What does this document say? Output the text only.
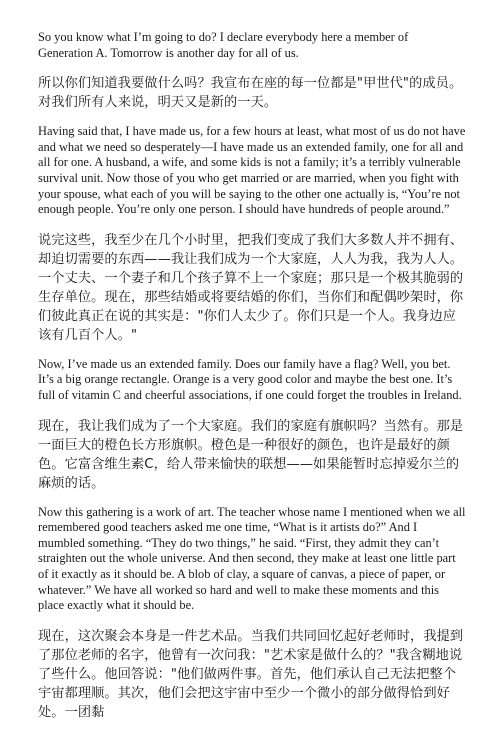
So you know what I’m going to do? I declare everybody here a member of Generation A. Tomorrow is another day for all of us.

所以你们知道我要做什么吗？我宣布在座的每一位都是"甲世代"的成员。对我们所有人来说，明天又是新的一天。

Having said that, I have made us, for a few hours at least, what most of us do not have and what we need so desperately—I have made us an extended family, one for all and all for one. A husband, a wife, and some kids is not a family; it’s a terribly vulnerable survival unit. Now those of you who get married or are married, when you fight with your spouse, what each of you will be saying to the other one actually is, “You’re not enough people. You’re only one person. I should have hundreds of people around.”

说完这些，我至少在几个小时里，把我们变成了我们大多数人并不拥有、却迫切需要的东西——我让我们成为一个大家庭，人人为我，我为人人。一个丈夫、一个妻子和几个孩子算不上一个家庭；那只是一个极其脆弱的生存单位。现在，那些结婚或将要结婚的你们，当你们和配偶吵架时，你们彼此真正在说的其实是："你们人太少了。你们只是一个人。我身边应该有几百个人。"

Now, I’ve made us an extended family. Does our family have a flag? Well, you bet. It’s a big orange rectangle. Orange is a very good color and maybe the best one. It’s full of vitamin C and cheerful associations, if one could forget the troubles in Ireland.

现在，我让我们成为了一个大家庭。我们的家庭有旗帜吗？当然有。那是一面巨大的橙色长方形旗帜。橙色是一种很好的颜色，也许是最好的颜色。它富含维生素C，给人带来愉快的联想——如果能暂时忘掉爱尔兰的麻烦的话。

Now this gathering is a work of art. The teacher whose name I mentioned when we all remembered good teachers asked me one time, “What is it artists do?” And I mumbled something. “They do two things,” he said. “First, they admit they can’t straighten out the whole universe. And then second, they make at least one little part of it exactly as it should be. A blob of clay, a square of canvas, a piece of paper, or whatever.” We have all worked so hard and well to make these moments and this place exactly what it should be.

现在，这次聚会本身是一件艺术品。当我们共同回忆起好老师时，我提到了那位老师的名字，他曾有一次问我："艺术家是做什么的？"我含糊地说了些什么。他回答说："他们做两件事。首先，他们承认自己无法把整个宇宙都理顺。其次，他们会把这宇宙中至少一个微小的部分做得恰到好处。一团黏
